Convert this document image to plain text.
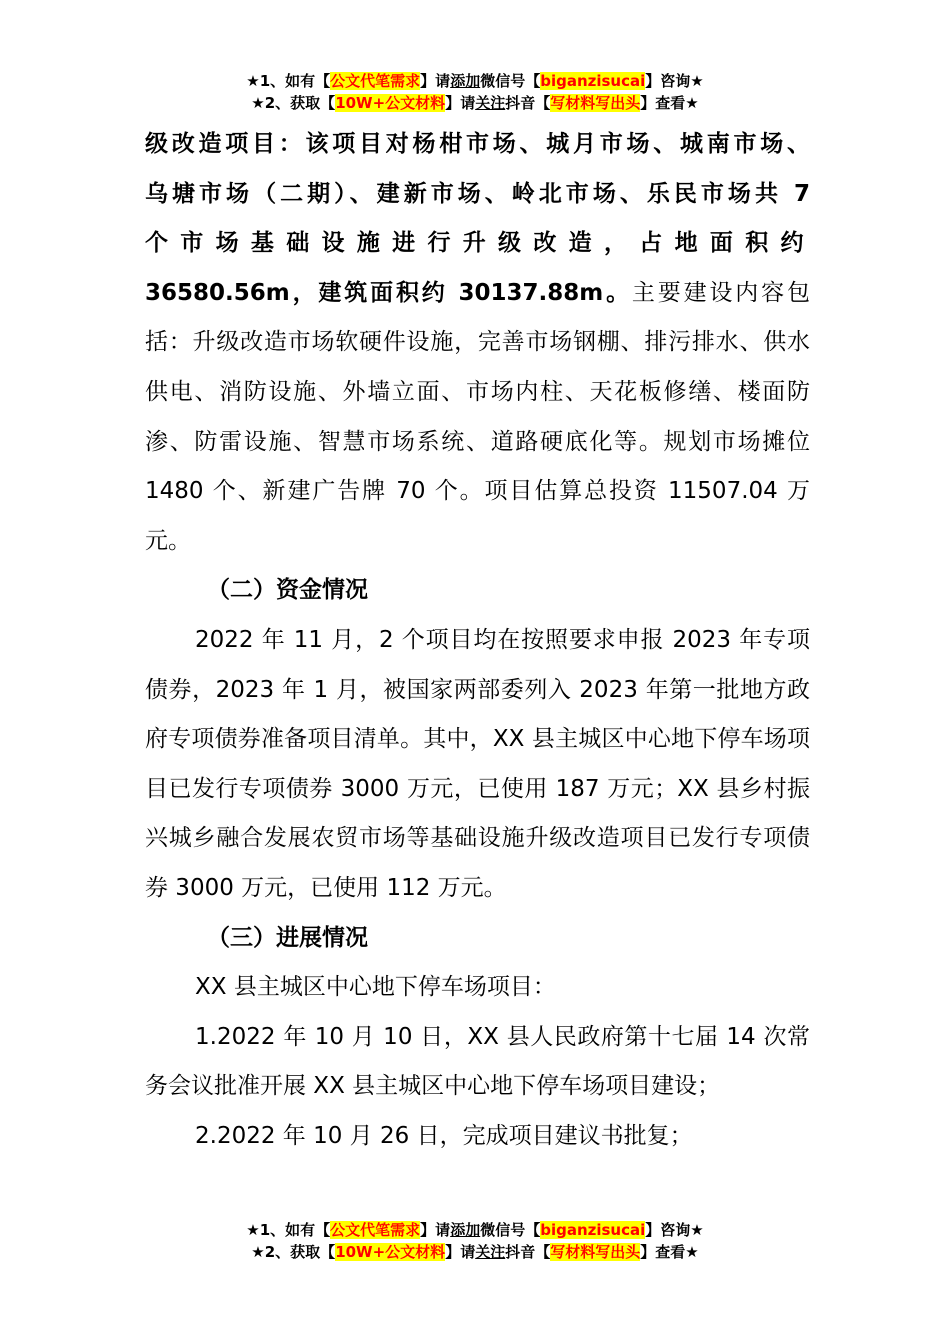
★1、如有【公文代笔需求】请添加微信号【biganzisucai】咨询★
★2、获取【10W+公文材料】请关注抖音【写材料写出头】查看★

级改造项目：该项目对杨柑市场、城月市场、城南市场、
乌塘市场（二期）、建新市场、岭北市场、乐民市场共 7
个市场基础设施进行升级改造，占地面积约

36580.56m，建筑面积约 30137.88m。主要建设内容包括：升级改造市场软硬件设施，完善市场钢棚、排污排水、供水供电、消防设施、外墙立面、市场内柱、天花板修缮、楼面防渗、防雷设施、智慧市场系统、道路硬底化等。规划市场摊位 1480 个、新建广告牌 70 个。项目估算总投资 11507.04 万元。

（二）资金情况

2022 年 11 月，2 个项目均在按照要求申报 2023 年专项债券，2023 年 1 月，被国家两部委列入 2023 年第一批地方政府专项债券准备项目清单。其中，XX 县主城区中心地下停车场项目已发行专项债券 3000 万元，已使用 187 万元；XX 县乡村振兴城乡融合发展农贸市场等基础设施升级改造项目已发行专项债券 3000 万元，已使用 112 万元。

（三）进展情况

XX 县主城区中心地下停车场项目：

1.2022 年 10 月 10 日，XX 县人民政府第十七届 14 次常务会议批准开展 XX 县主城区中心地下停车场项目建设；

2.2022 年 10 月 26 日，完成项目建议书批复；

★1、如有【公文代笔需求】请添加微信号【biganzisucai】咨询★
★2、获取【10W+公文材料】请关注抖音【写材料写出头】查看★
